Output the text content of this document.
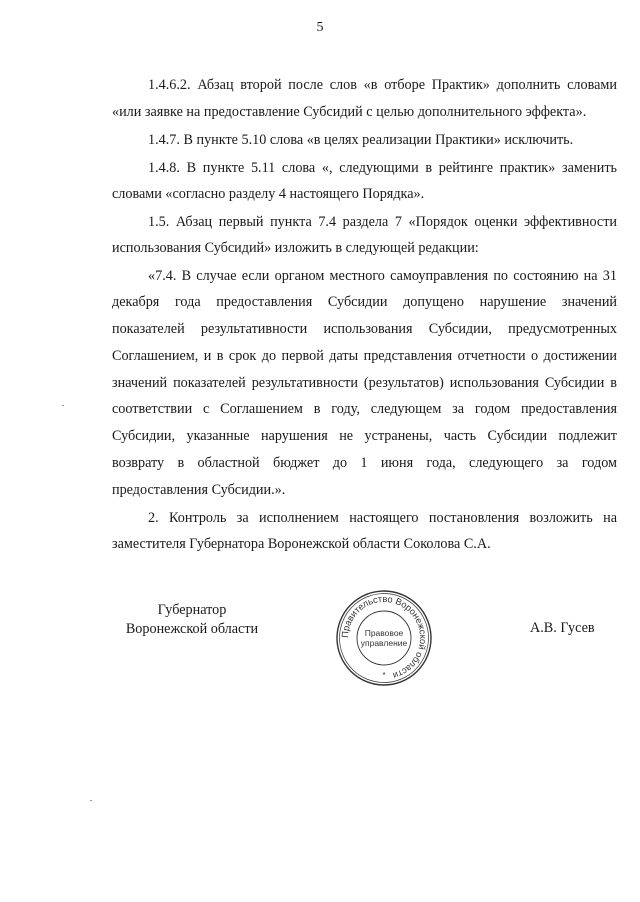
5

1.4.6.2. Абзац второй после слов «в отборе Практик» дополнить словами «или заявке на предоставление Субсидий с целью дополнительного эффекта».

1.4.7. В пункте 5.10 слова «в целях реализации Практики» исключить.

1.4.8. В пункте 5.11 слова «, следующими в рейтинге практик» заменить словами «согласно разделу 4 настоящего Порядка».

1.5. Абзац первый пункта 7.4 раздела 7 «Порядок оценки эффективности использования Субсидий» изложить в следующей редакции:

«7.4. В случае если органом местного самоуправления по состоянию на 31 декабря года предоставления Субсидии допущено нарушение значений показателей результативности использования Субсидии, предусмотренных Соглашением, и в срок до первой даты представления отчетности о достижении значений показателей результативности (результатов) использования Субсидии в соответствии с Соглашением в году, следующем за годом предоставления Субсидии, указанные нарушения не устранены, часть Субсидии подлежит возврату в областной бюджет до 1 июня года, следующего за годом предоставления Субсидии.».

2. Контроль за исполнением настоящего постановления возложить на заместителя Губернатора Воронежской области Соколова С.А.

Губернатор
Воронежской области	Правительство Воронежской области
Правовое
управление
*
А.В. Гусев
